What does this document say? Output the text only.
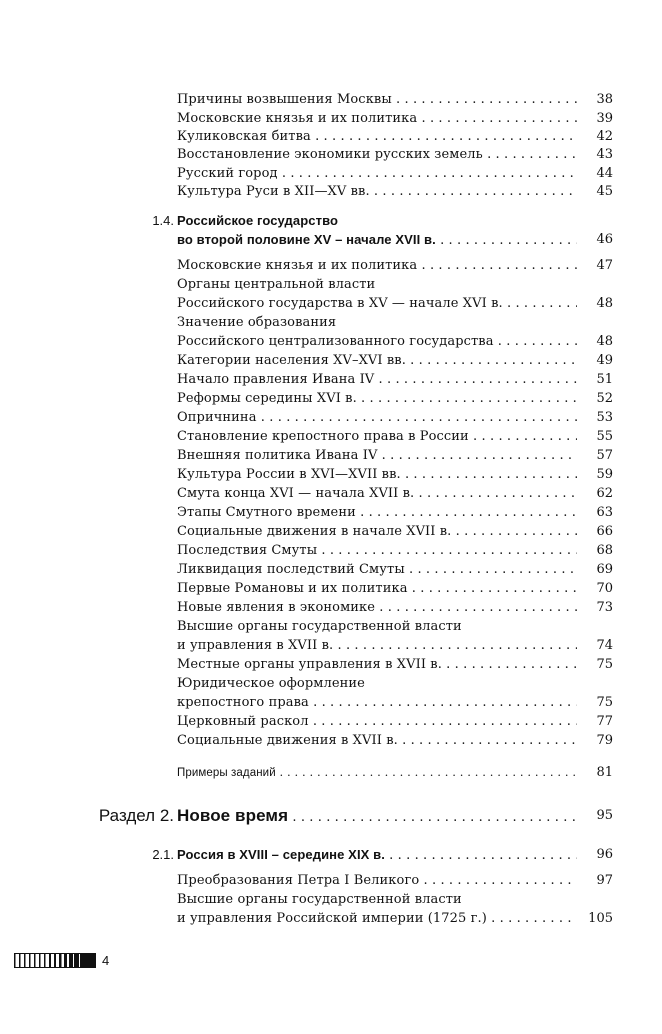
Причины возвышения Москвы . . .	38
Московские князья и их политика . . .	39
Куликовская битва . . .	42
Восстановление экономики русских земель . . .	43
Русский город . . .	44
Культура Руси в XII—XV вв. . . .	45
1.4. Российское государство
во второй половине XV – начале XVII в. . . .	46
Московские князья и их политика . . .	47
Органы центральной власти
Российского государства в XV — начале XVI в. . . .	48
Значение образования
Российского централизованного государства . . .	48
Категории населения XV–XVI вв. . . .	49
Начало правления Ивана IV . . .	51
Реформы середины XVI в. . . .	52
Опричнина . . .	53
Становление крепостного права в России . . .	55
Внешняя политика Ивана IV . . .	57
Культура России в XVI—XVII вв. . . .	59
Смута конца XVI — начала XVII в. . . .	62
Этапы Смутного времени . . .	63
Социальные движения в начале XVII в. . . .	66
Последствия Смуты . . .	68
Ликвидация последствий Смуты . . .	69
Первые Романовы и их политика . . .	70
Новые явления в экономике . . .	73
Высшие органы государственной власти
и управления в XVII в. . . .	74
Местные органы управления в XVII в. . . .	75
Юридическое оформление
крепостного права . . .	75
Церковный раскол . . .	77
Социальные движения в XVII в. . . .	79
Примеры заданий . . .	81
Раздел 2. Новое время . . .	95
2.1. Россия в XVIII – середине XIX в. . . .	96
Преобразования Петра I Великого . . .	97
Высшие органы государственной власти
и управления Российской империи (1725 г.) . . .	105
4
